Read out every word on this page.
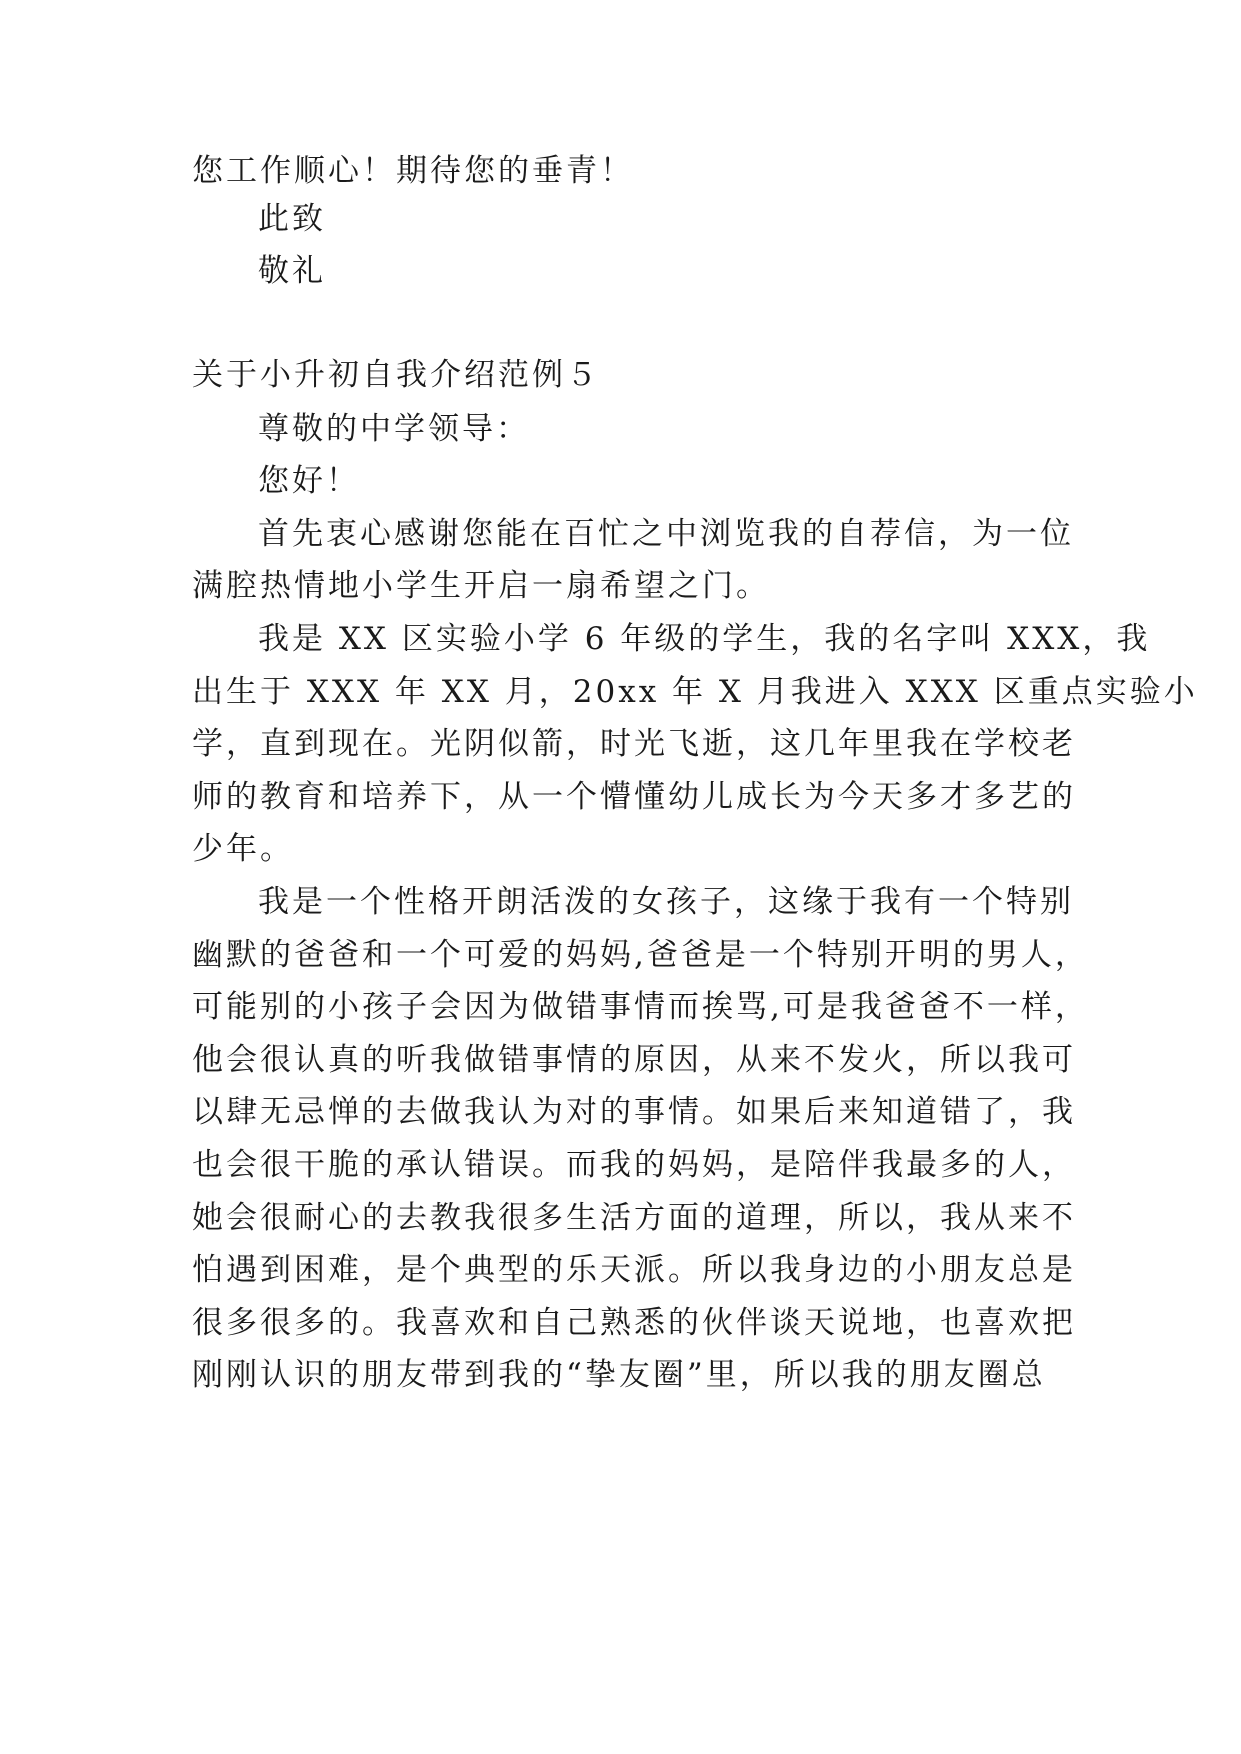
您工作顺心！期待您的垂青！
此致
敬礼
关于小升初自我介绍范例５
尊敬的中学领导：
您好！
首先衷心感谢您能在百忙之中浏览我的自荐信，为一位
满腔热情地小学生开启一扇希望之门。
我是 XX 区实验小学 6 年级的学生，我的名字叫 XXX，我
出生于 XXX 年 XX 月，20xx 年 X 月我进入 XXX 区重点实验小
学，直到现在。光阴似箭，时光飞逝，这几年里我在学校老
师的教育和培养下，从一个懵懂幼儿成长为今天多才多艺的
少年。
我是一个性格开朗活泼的女孩子，这缘于我有一个特别
幽默的爸爸和一个可爱的妈妈,爸爸是一个特别开明的男人，
可能别的小孩子会因为做错事情而挨骂,可是我爸爸不一样，
他会很认真的听我做错事情的原因，从来不发火，所以我可
以肆无忌惮的去做我认为对的事情。如果后来知道错了，我
也会很干脆的承认错误。而我的妈妈，是陪伴我最多的人，
她会很耐心的去教我很多生活方面的道理，所以，我从来不
怕遇到困难，是个典型的乐天派。所以我身边的小朋友总是
很多很多的。我喜欢和自己熟悉的伙伴谈天说地，也喜欢把
刚刚认识的朋友带到我的“挚友圈”里，所以我的朋友圈总
